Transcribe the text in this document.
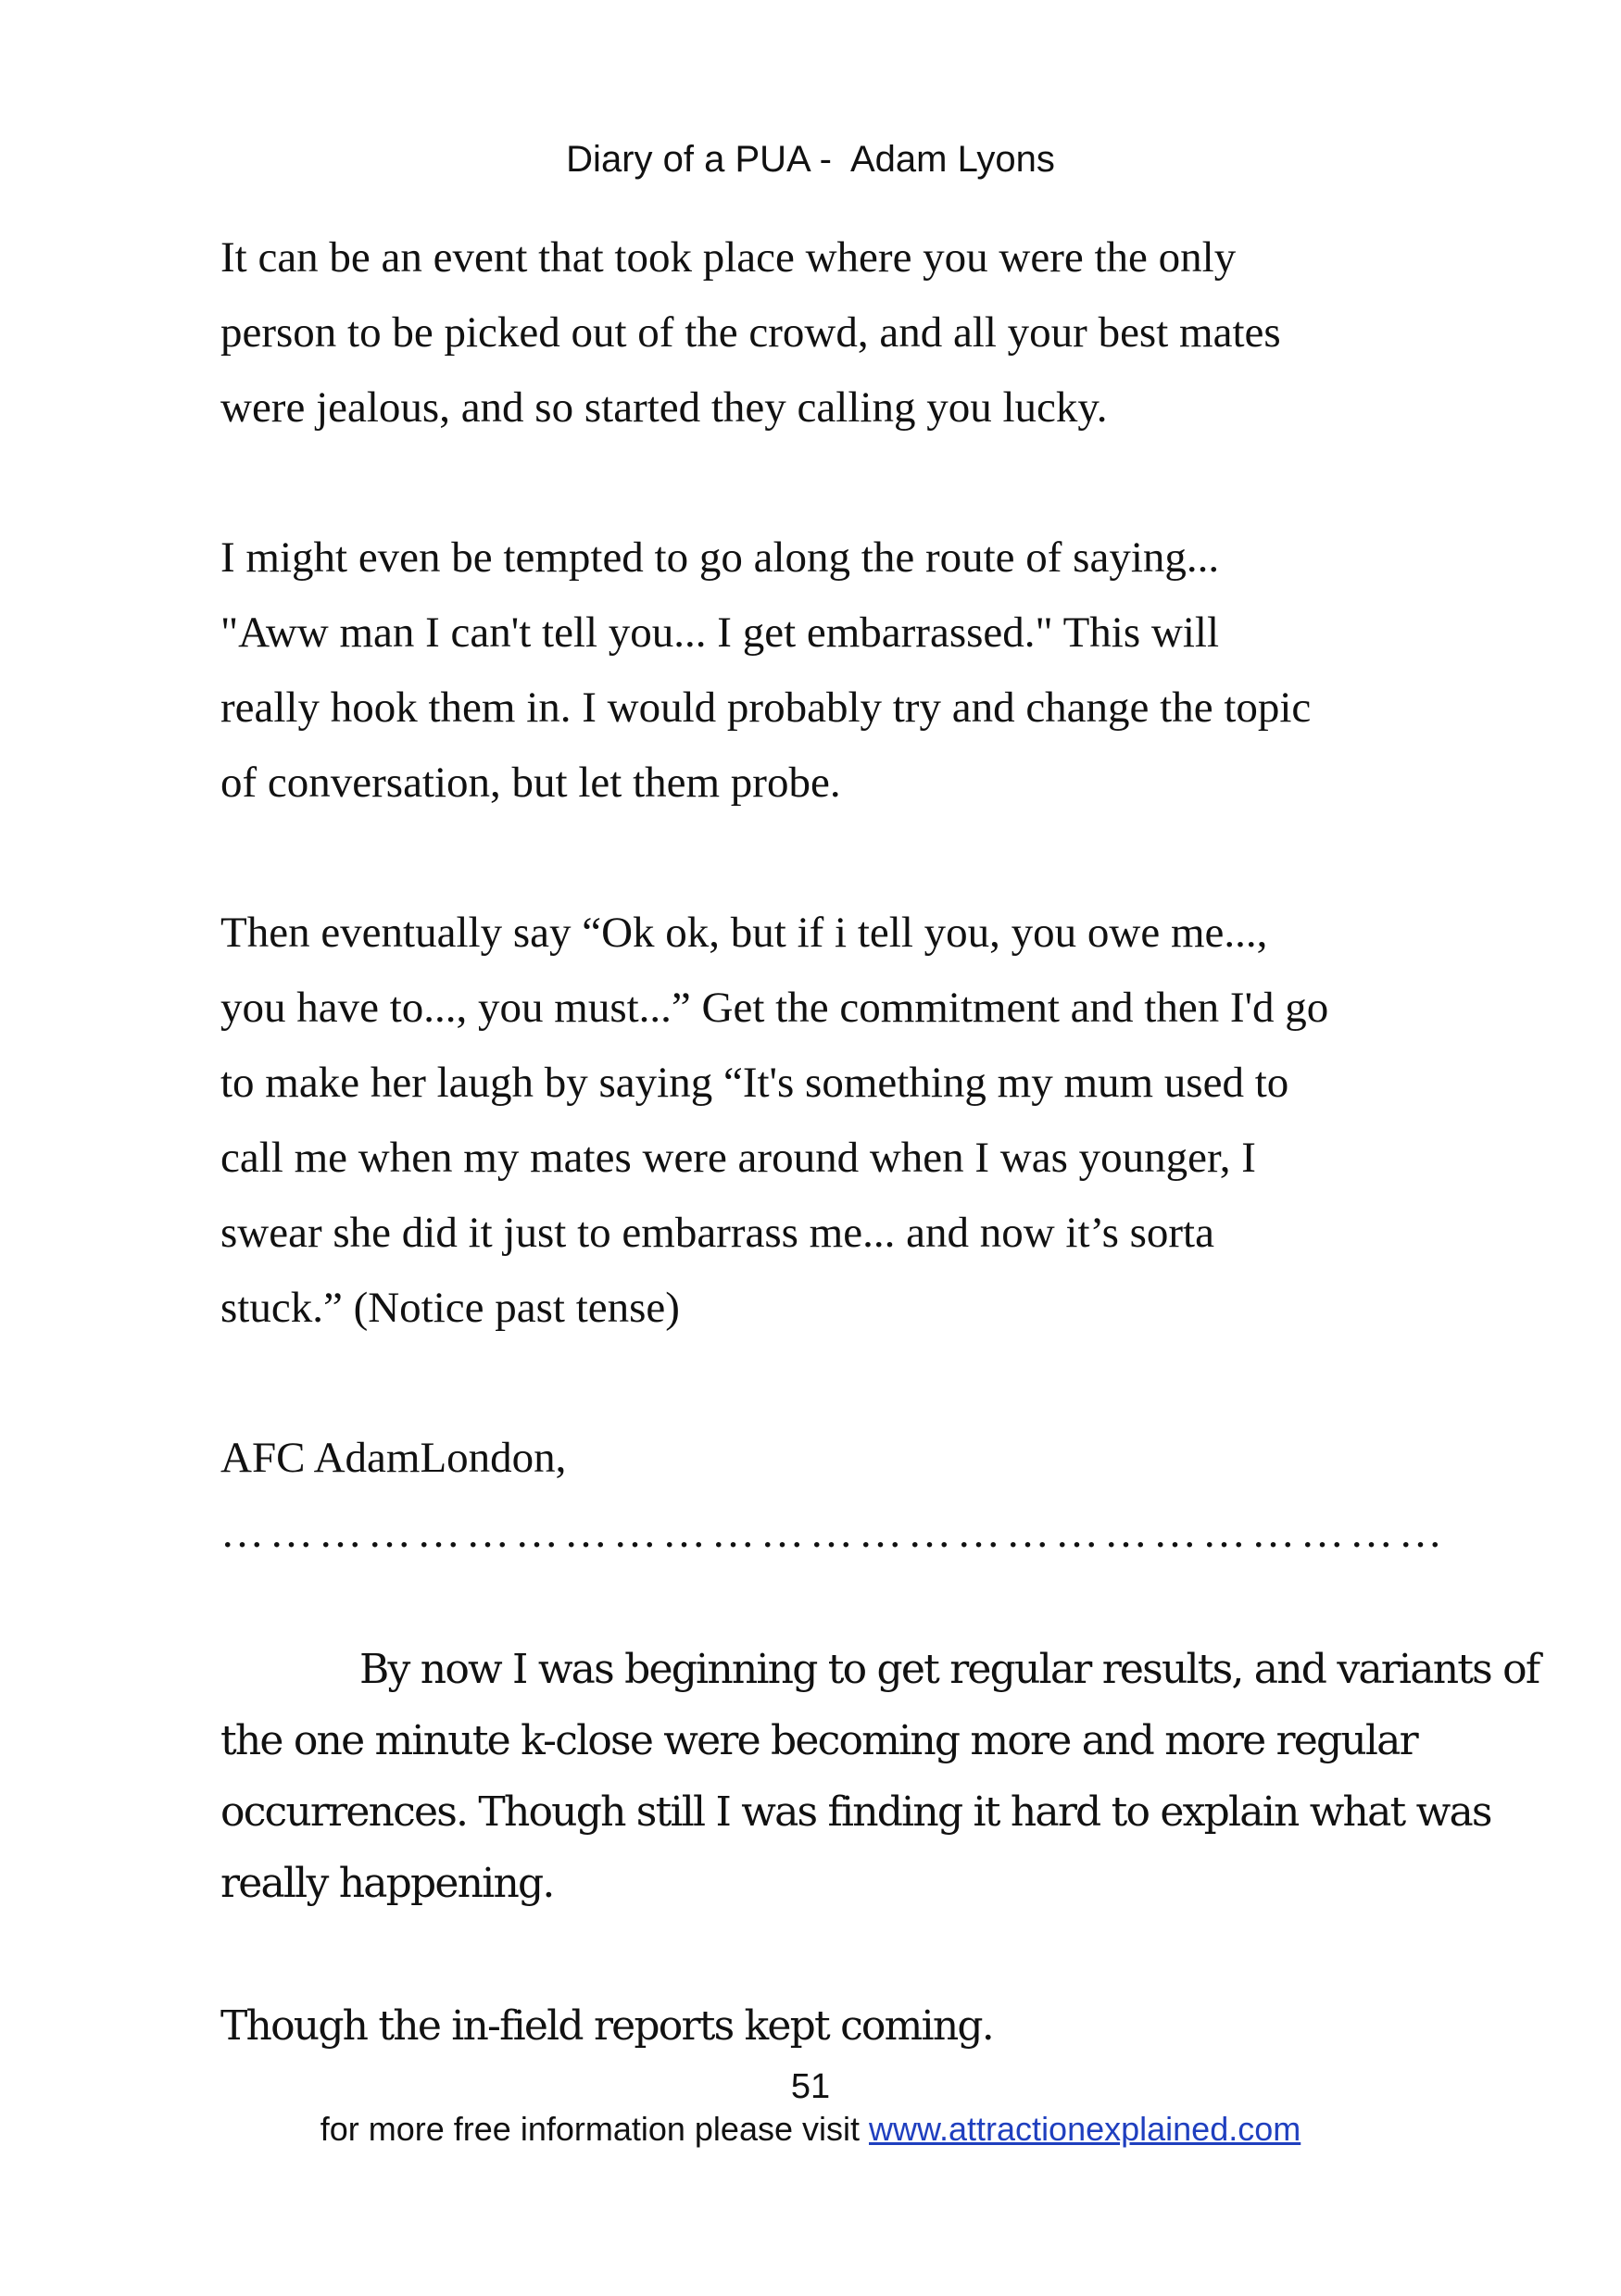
Diary of a PUA - Adam Lyons

It can be an event that took place where you were the only

person to be picked out of the crowd, and all your best mates

were jealous, and so started they calling you lucky.

I might even be tempted to go along the route of saying...

"Aww man I can't tell you... I get embarrassed." This will

really hook them in. I would probably try and change the topic

of conversation, but let them probe.

Then eventually say “Ok ok, but if i tell you, you owe me...,

you have to..., you must...” Get the commitment and then I'd go

to make her laugh by saying “It's something my mum used to

call me when my mates were around when I was younger, I

swear she did it just to embarrass me... and now it’s sorta

stuck.” (Notice past tense)

AFC AdamLondon,

…………………………………………………………………

By now I was beginning to get regular results, and variants of

the one minute k-close were becoming more and more regular

occurrences. Though still I was finding it hard to explain what was

really happening.

Though the in-field reports kept coming.

51
for more free information please visit www.attractionexplained.com
